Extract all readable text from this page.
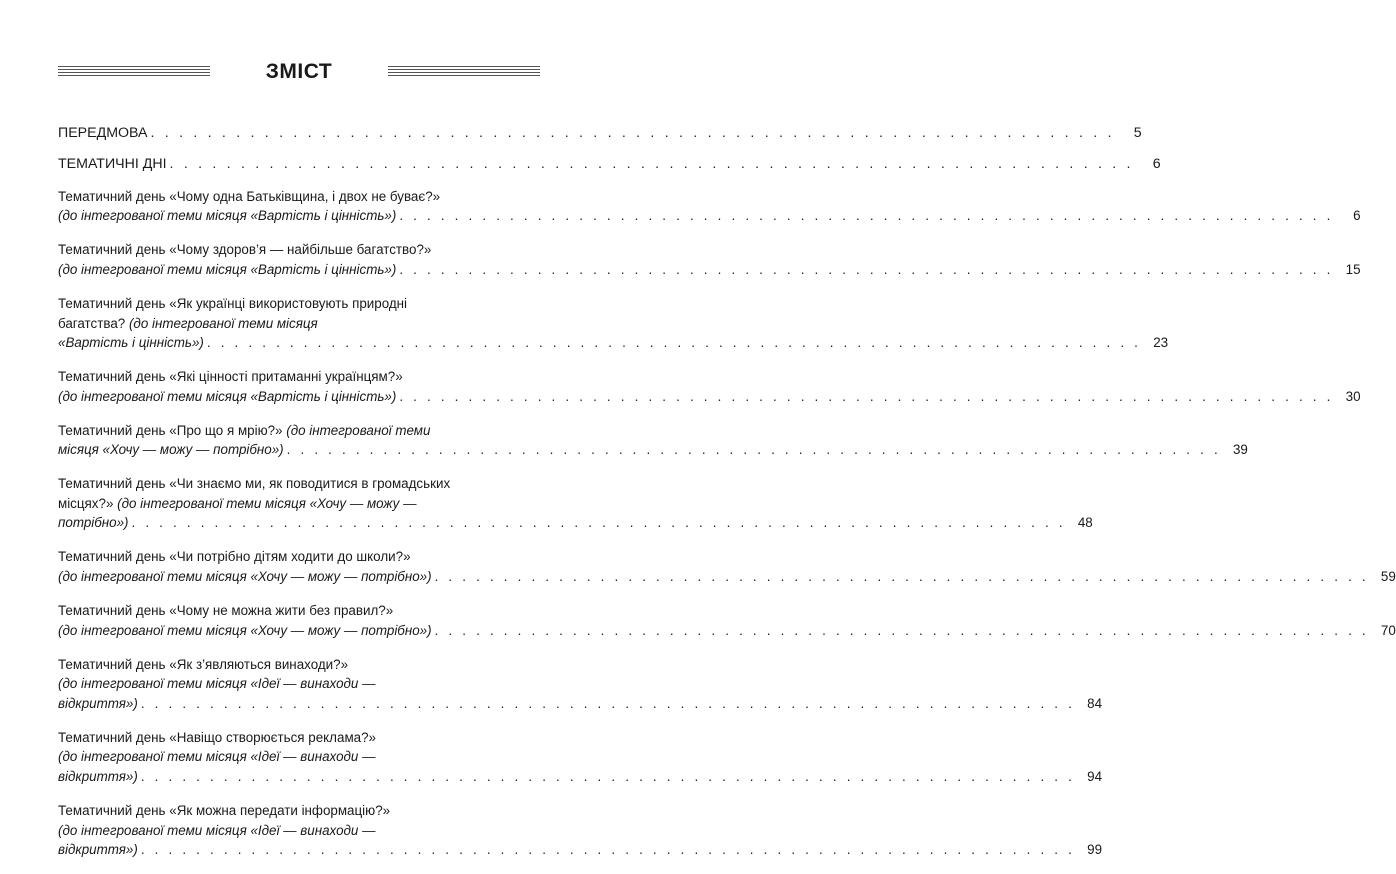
ЗМІСТ
ПЕРЕДМОВА . . . . . . . . . . . . . . . . . . . . . . . . . . . . . . . . . . . . . . . . . . . . . . . . . . . . . . . . . . . . . . . . . . . .	5
ТЕМАТИЧНІ ДНІ . . . . . . . . . . . . . . . . . . . . . . . . . . . . . . . . . . . . . . . . . . . . . . . . . . . . . . . . . . . . . . . . . . . .	6
Тематичний день «Чому одна Батьківщина, і двох не буває?»
(до інтегрованої теми місяця «Вартість і цінність») . . . . . . . . . . . . . . . . . . . . . . . . . . . . . . . . . . . . . . . . . . . . . . . . . . . . . . . . . . . . . . . . . . . .	6
Тематичний день «Чому здоров’я — найбільше багатство?»
(до інтегрованої теми місяця «Вартість і цінність») . . . . . . . . . . . . . . . . . . . . . . . . . . . . . . . . . . . . . . . . . . . . . . . . . . . . . . . . . . . . . . . . . . . . 15
Тематичний день «Як українці використовують природні
багатства? (до інтегрованої теми місяця
«Вартість і цінність») . . . . . . . . . . . . . . . . . . . . . . . . . . . . . . . . . . . . . . . . . . . . . . . . . . . . . . . . . . . . . . . . . . . . 23
Тематичний день «Які цінності притаманні українцям?»
(до інтегрованої теми місяця «Вартість і цінність») . . . . . . . . . . . . . . . . . . . . . . . . . . . . . . . . . . . . . . . . . . . . . . . . . . . . . . . . . . . . . . . . . . . . 30
Тематичний день «Про що я мрію?» (до інтегрованої теми
місяця «Хочу — можу — потрібно») . . . . . . . . . . . . . . . . . . . . . . . . . . . . . . . . . . . . . . . . . . . . . . . . . . . . . . . . . . . . . . . . . . . . 39
Тематичний день «Чи знаємо ми, як поводитися в громадських
місцях?» (до інтегрованої теми місяця «Хочу — можу —
потрібно») . . . . . . . . . . . . . . . . . . . . . . . . . . . . . . . . . . . . . . . . . . . . . . . . . . . . . . . . . . . . . . . . . . . . 48
Тематичний день «Чи потрібно дітям ходити до школи?»
(до інтегрованої теми місяця «Хочу — можу — потрібно») . . . . . . . . . . . . . . . . . . . . . . . . . . . . . . . . . . . . . . . . . . . . . . . . . . . . . . . . . . . . . . . . . . . . 59
Тематичний день «Чому не можна жити без правил?»
(до інтегрованої теми місяця «Хочу — можу — потрібно») . . . . . . . . . . . . . . . . . . . . . . . . . . . . . . . . . . . . . . . . . . . . . . . . . . . . . . . . . . . . . . . . . . . . 70
Тематичний день «Як з’являються винаходи?»
(до інтегрованої теми місяця «Ідеї — винаходи —
відкриття») . . . . . . . . . . . . . . . . . . . . . . . . . . . . . . . . . . . . . . . . . . . . . . . . . . . . . . . . . . . . . . . . . . . . 84
Тематичний день «Навіщо створюється реклама?»
(до інтегрованої теми місяця «Ідеї — винаходи —
відкриття») . . . . . . . . . . . . . . . . . . . . . . . . . . . . . . . . . . . . . . . . . . . . . . . . . . . . . . . . . . . . . . . . . . . . 94
Тематичний день «Як можна передати інформацію?»
(до інтегрованої теми місяця «Ідеї — винаходи —
відкриття») . . . . . . . . . . . . . . . . . . . . . . . . . . . . . . . . . . . . . . . . . . . . . . . . . . . . . . . . . . . . . . . . . . . . 99
